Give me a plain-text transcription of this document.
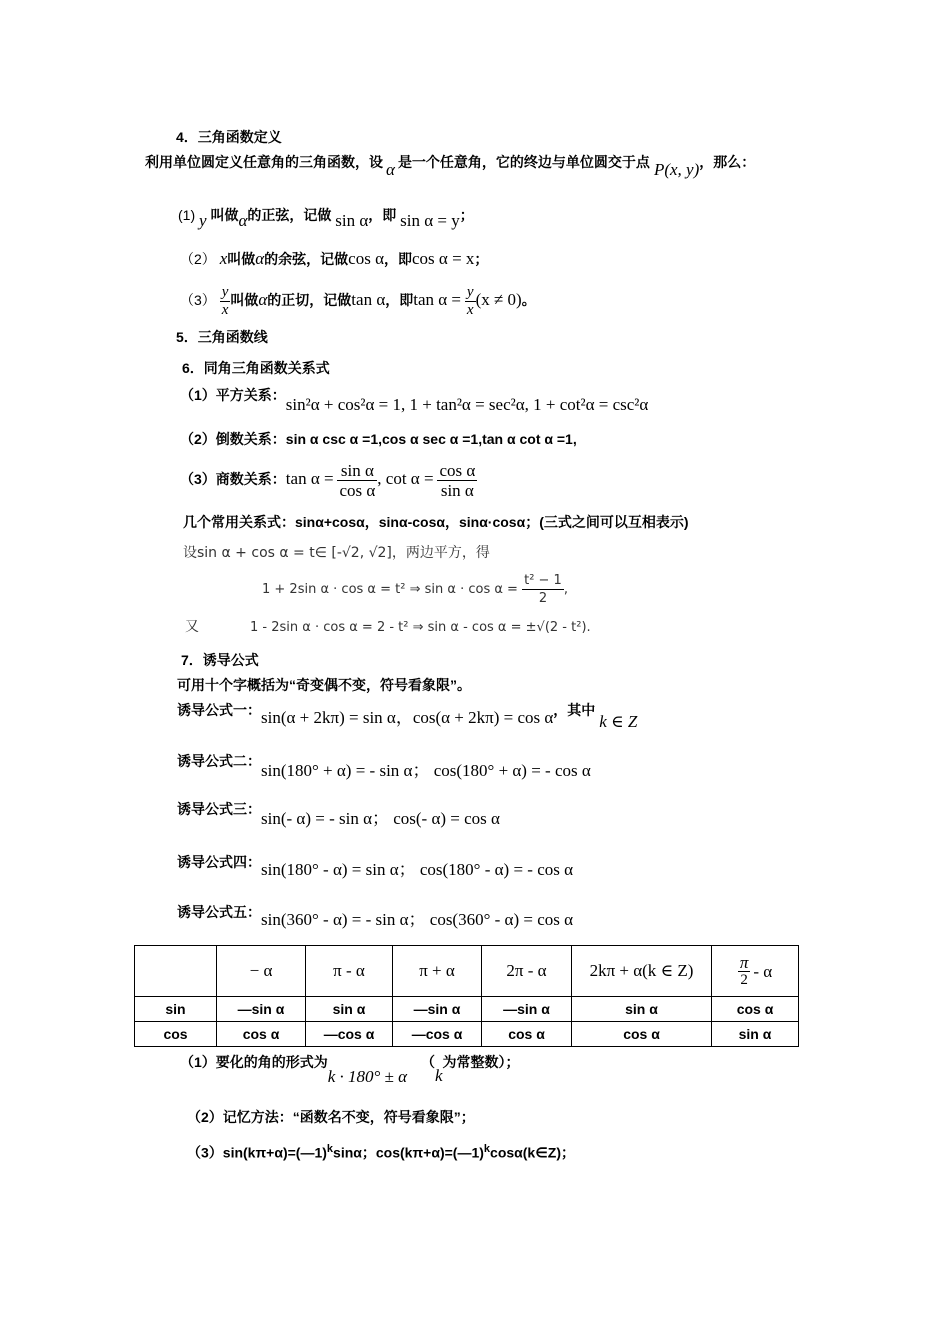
4．三角函数定义
利用单位圆定义任意角的三角函数，设 α 是一个任意角，它的终边与单位圆交于点 P(x, y)，那么：
(1) y 叫做α的正弦，记做 sin α，即 sin α = y；
（2） x叫做α的余弦，记做cos α，即cos α = x；
$(3) \frac{y}{x}$ 叫做α的正切，记做tan α，即$\tan \alpha = \frac{y}{x} (x \ne 0)$。
5．三角函数线
6．同角三角函数关系式
（1）平方关系：sin²α + cos²α = 1, 1 + tan²α = sec²α, 1 + cot²α = csc²α
（2）倒数关系：sin α csc α =1,cos α sec α =1,tan α cot α =1,
（3）商数关系：$\tan \alpha = \frac{\text{sin α}}{\text{cos α}}$ , $\cot \alpha = \frac{\text{cos α}}{\text{sin α}}$
几个常用关系式：sinα+cosα，sinα-cosα，sinα·cosα；(三式之间可以互相表示)
设sin α + cos α = t∈ [-√2, √2]，两边平方，得
1 + 2sin α · cos α = t² ⇒ $\sin \alpha \cdot \cos \alpha = \frac{\text{t² − 1}}{2}$ ,
又	1 - 2sin α · cos α = 2 - t² ⇒ sin α - cos α = ±√(2 - t²).
7．诱导公式
可用十个字概括为“奇变偶不变，符号看象限”。
诱导公式一：sin(α + 2kπ) = sin α，cos(α + 2kπ) = cos α，其中 k ∈ Z
诱导公式二：sin(180° + α) = - sin α； cos(180° + α) = - cos α
诱导公式三：sin(- α) = - sin α； cos(- α) = cos α
诱导公式四：sin(180° - α) = sin α； cos(180° - α) = - cos α
诱导公式五：sin(360° - α) = - sin α； cos(360° - α) = cos α
	− α	π - α	π + α	2π - α	2kπ + α(k ∈ Z)	$\frac{\pi}{2}$ - α

sin	—sin α	sin α	—sin α	—sin α	sin α	cos α
cos	cos α	—cos α	—cos α	cos α	cos α	sin α
（1）要化的角的形式为 k · 180° ± α （k为常整数）；
（2）记忆方法：“函数名不变，符号看象限”；
（3）sin(kπ+α)=(—1)$^k$sinα；cos(kπ+α)=(—1)$^k$cosα(k∈Z)；
